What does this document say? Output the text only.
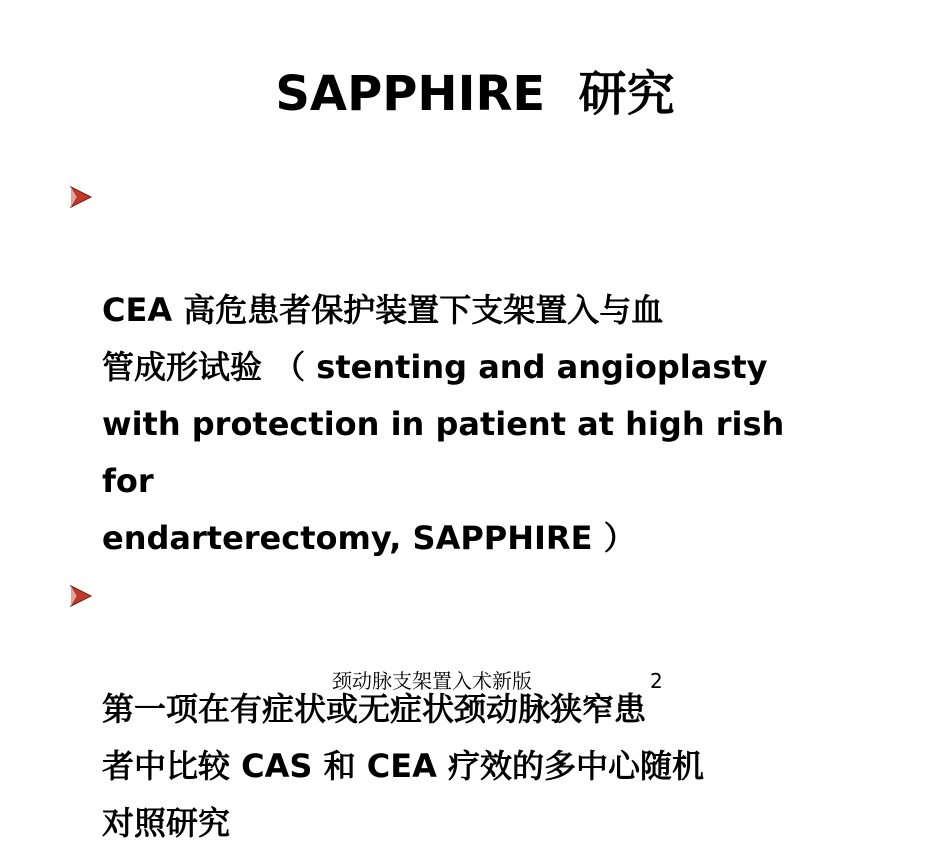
SAPPHIRE  研究

CEA 高危患者保护装置下支架置入与血
管成形试验 （ stenting and angioplasty
with protection in patient at high rish for
endarterectomy, SAPPHIRE ）

第一项在有症状或无症状颈动脉狭窄患
者中比较 CAS 和 CEA 疗效的多中心随机
对照研究

颈动脉支架置入术新版	2
